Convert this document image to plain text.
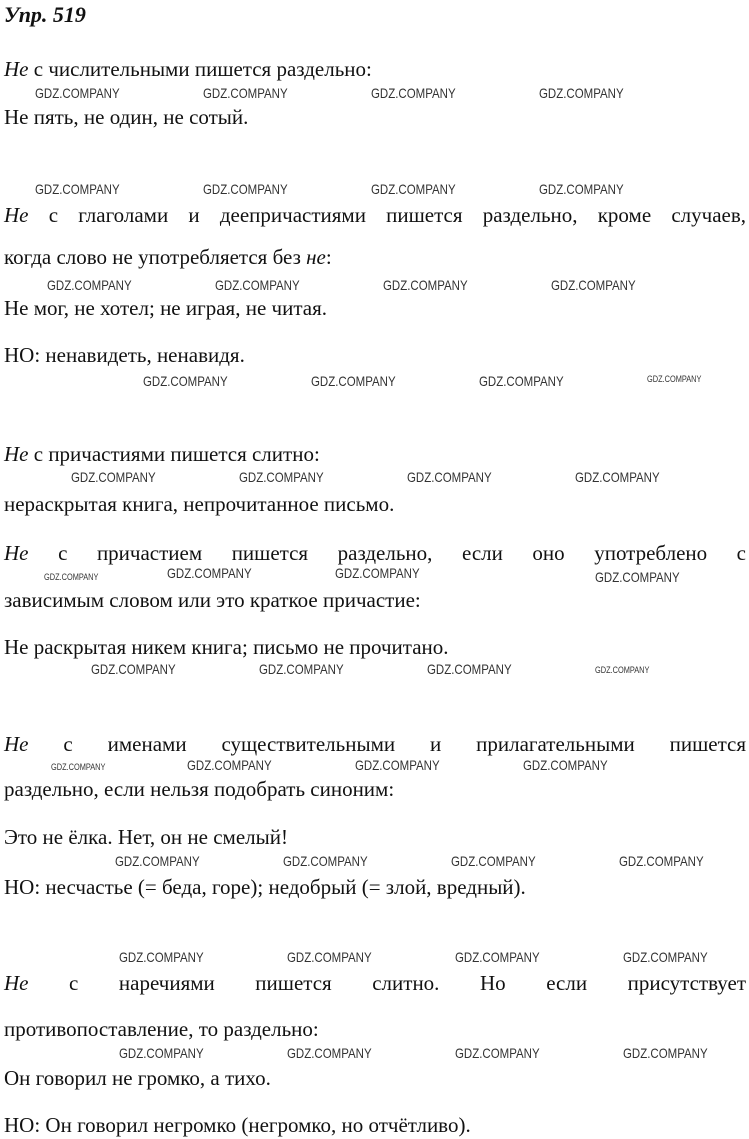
Упр. 519
Не с числительными пишется раздельно:
Не пять, не один, не сотый.
Не с глаголами и деепричастиями пишется раздельно, кроме случаев,
когда слово не употребляется без не:
Не мог, не хотел; не играя, не читая.
НО: ненавидеть, ненавидя.
Не с причастиями пишется слитно:
нераскрытая книга, непрочитанное письмо.
Не с причастием пишется раздельно, если оно употреблено с
зависимым словом или это краткое причастие:
Не раскрытая никем книга; письмо не прочитано.
Не с именами существительными и прилагательными пишется
раздельно, если нельзя подобрать синоним:
Это не ёлка. Нет, он не смелый!
НО: несчастье (= беда, горе); недобрый (= злой, вредный).
Не с наречиями пишется слитно. Но если присутствует
противопоставление, то раздельно:
Он говорил не громко, а тихо.
НО: Он говорил негромко (негромко, но отчётливо).
GDZ.COMPANY	GDZ.COMPANY	GDZ.COMPANY	GDZ.COMPANY
GDZ.COMPANY	GDZ.COMPANY	GDZ.COMPANY	GDZ.COMPANY
GDZ.COMPANY	GDZ.COMPANY	GDZ.COMPANY	GDZ.COMPANY
GDZ.COMPANY	GDZ.COMPANY	GDZ.COMPANY	GDZ.COMPANY
GDZ.COMPANY	GDZ.COMPANY	GDZ.COMPANY	GDZ.COMPANY
GDZ.COMPANY	GDZ.COMPANY	GDZ.COMPANY	GDZ.COMPANY
GDZ.COMPANY	GDZ.COMPANY	GDZ.COMPANY	GDZ.COMPANY
GDZ.COMPANY	GDZ.COMPANY	GDZ.COMPANY	GDZ.COMPANY
GDZ.COMPANY	GDZ.COMPANY	GDZ.COMPANY	GDZ.COMPANY
GDZ.COMPANY	GDZ.COMPANY	GDZ.COMPANY	GDZ.COMPANY
GDZ.COMPANY	GDZ.COMPANY	GDZ.COMPANY	GDZ.COMPANY
